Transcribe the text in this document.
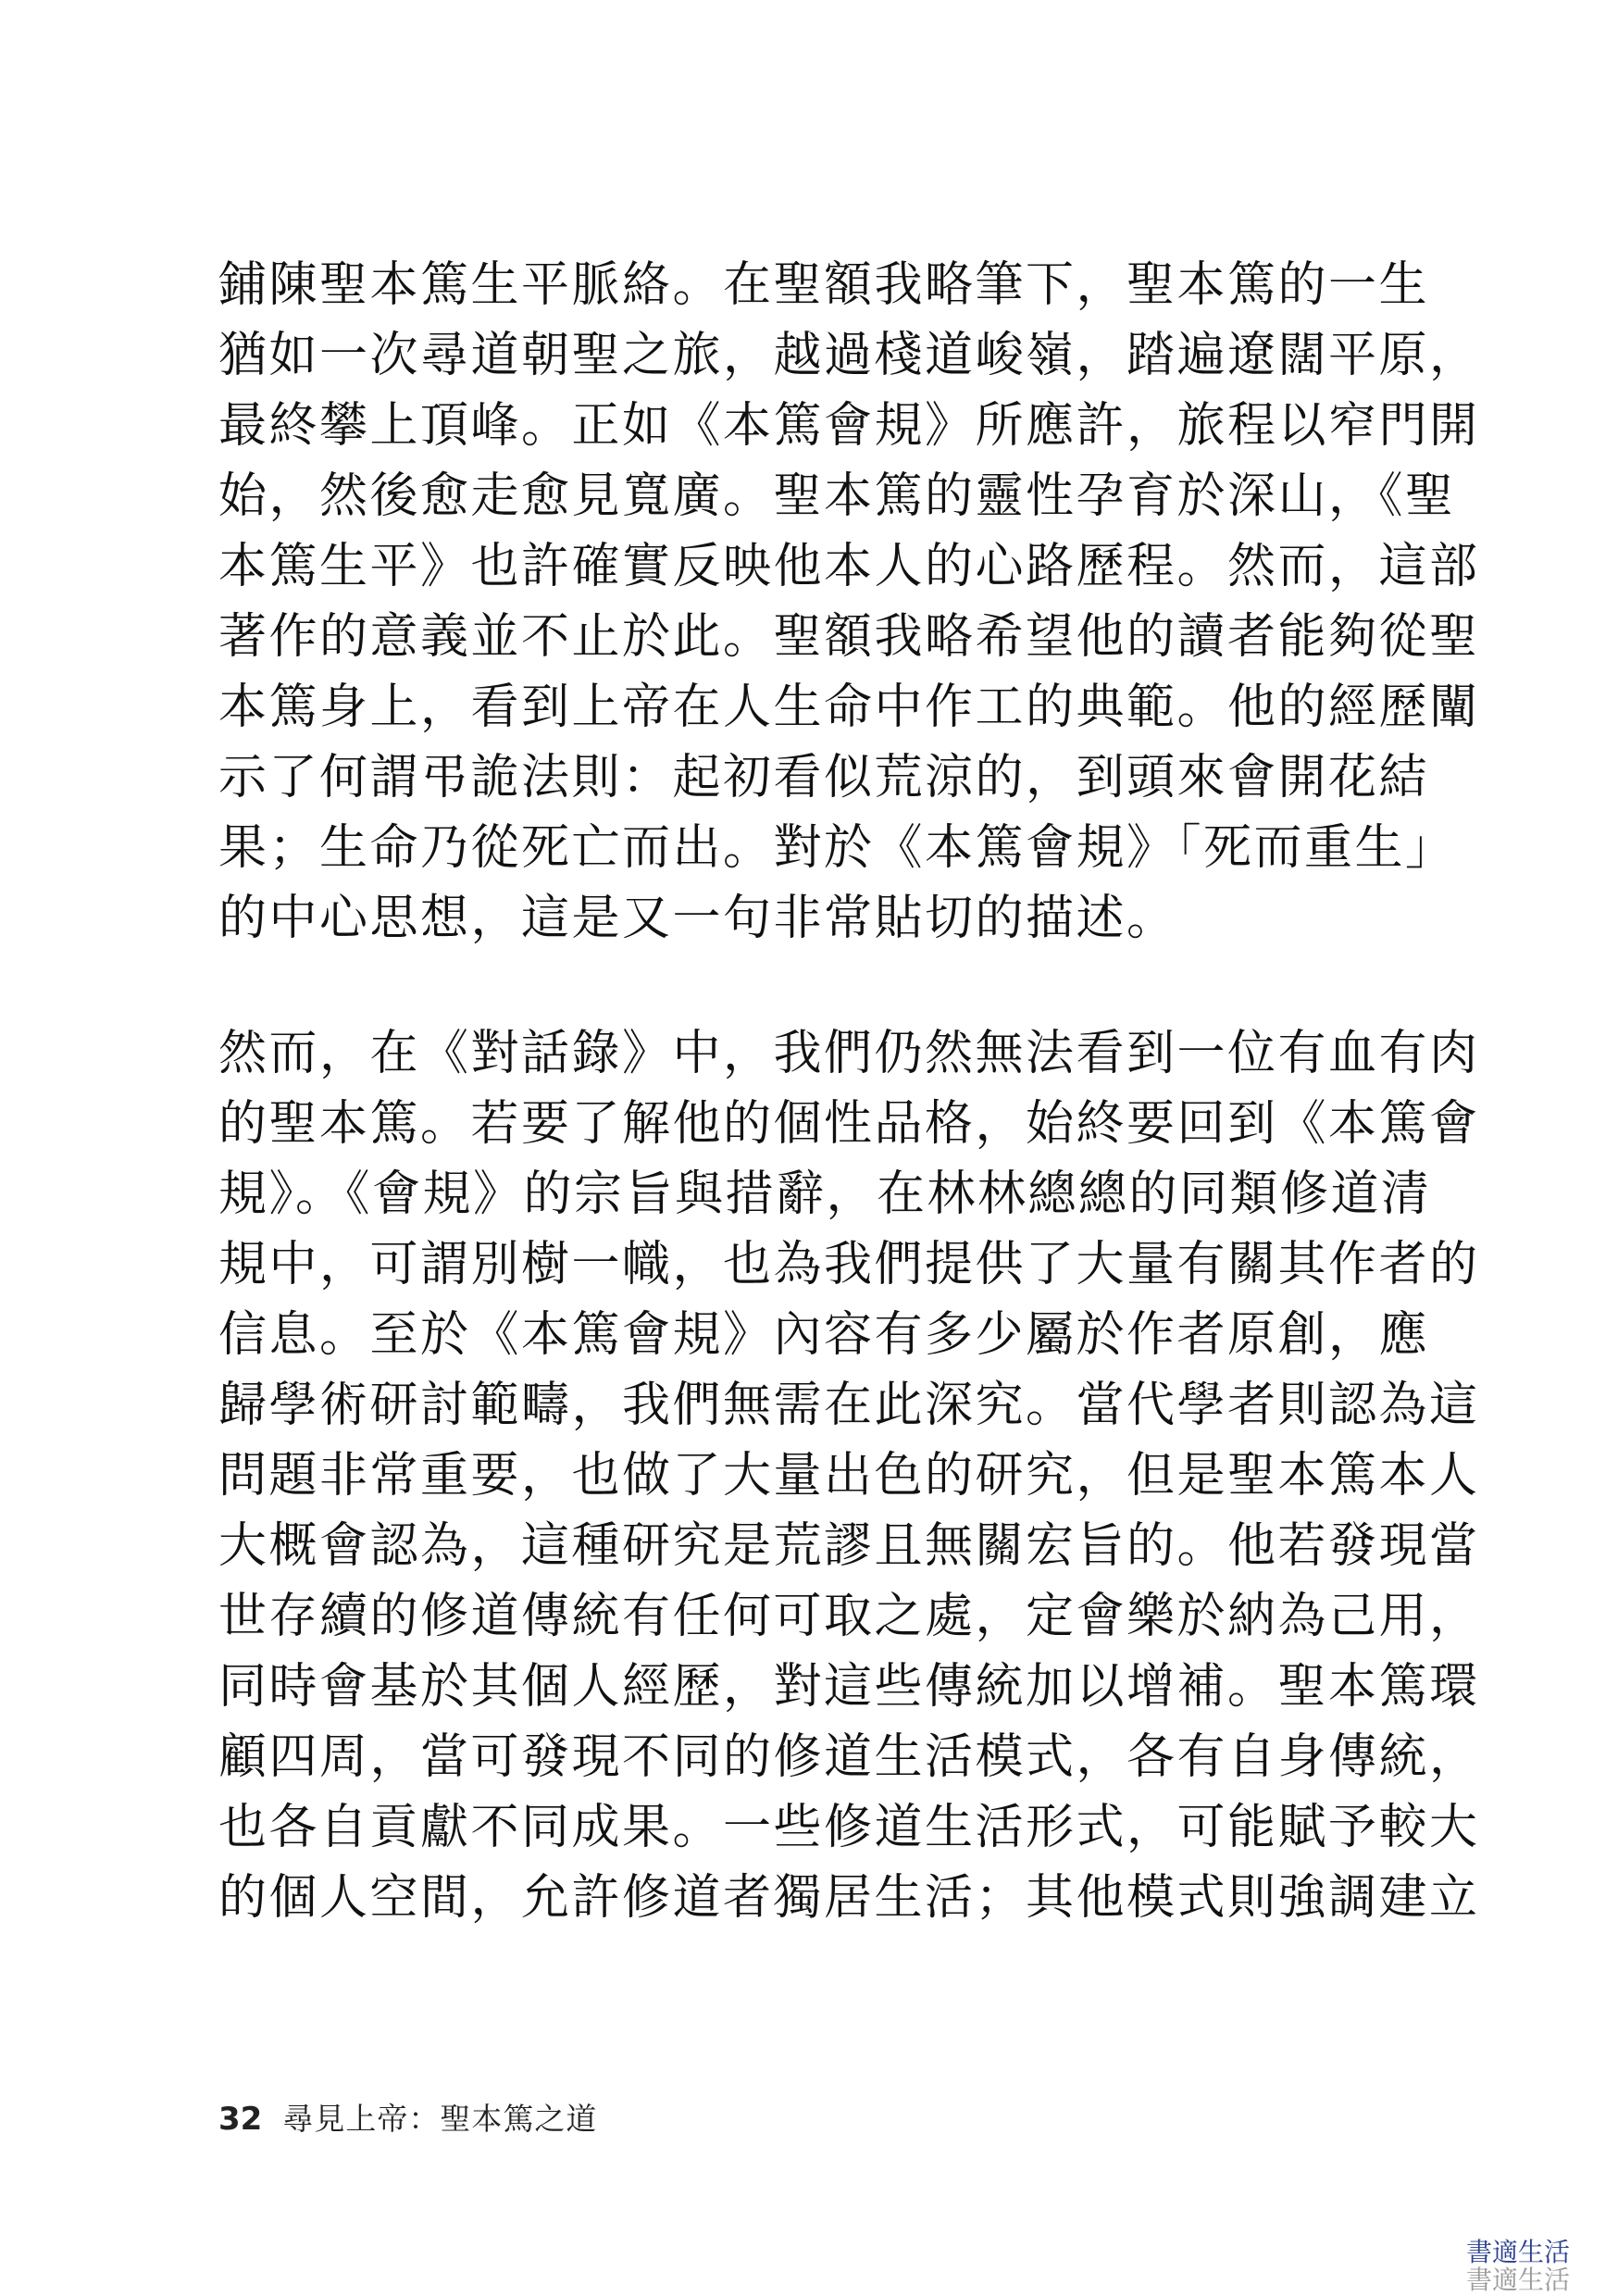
鋪陳聖本篤生平脈絡。在聖額我略筆下，聖本篤的一生
猶如一次尋道朝聖之旅，越過棧道峻嶺，踏遍遼闊平原，
最終攀上頂峰。正如《本篤會規》所應許，旅程以窄門開
始，然後愈走愈見寬廣。聖本篤的靈性孕育於深山，《聖
本篤生平》也許確實反映他本人的心路歷程。然而，這部
著作的意義並不止於此。聖額我略希望他的讀者能夠從聖
本篤身上，看到上帝在人生命中作工的典範。他的經歷闡
示了何謂弔詭法則：起初看似荒涼的，到頭來會開花結
果；生命乃從死亡而出。對於《本篤會規》「死而重生」
的中心思想，這是又一句非常貼切的描述。
然而，在《對話錄》中，我們仍然無法看到一位有血有肉
的聖本篤。若要了解他的個性品格，始終要回到《本篤會
規》。《會規》的宗旨與措辭，在林林總總的同類修道清
規中，可謂別樹一幟，也為我們提供了大量有關其作者的
信息。至於《本篤會規》內容有多少屬於作者原創，應
歸學術研討範疇，我們無需在此深究。當代學者則認為這
問題非常重要，也做了大量出色的研究，但是聖本篤本人
大概會認為，這種研究是荒謬且無關宏旨的。他若發現當
世存續的修道傳統有任何可取之處，定會樂於納為己用，
同時會基於其個人經歷，對這些傳統加以增補。聖本篤環
顧四周，當可發現不同的修道生活模式，各有自身傳統，
也各自貢獻不同成果。一些修道生活形式，可能賦予較大
的個人空間，允許修道者獨居生活；其他模式則強調建立
32 尋見上帝：聖本篤之道
書適生活
書適生活
